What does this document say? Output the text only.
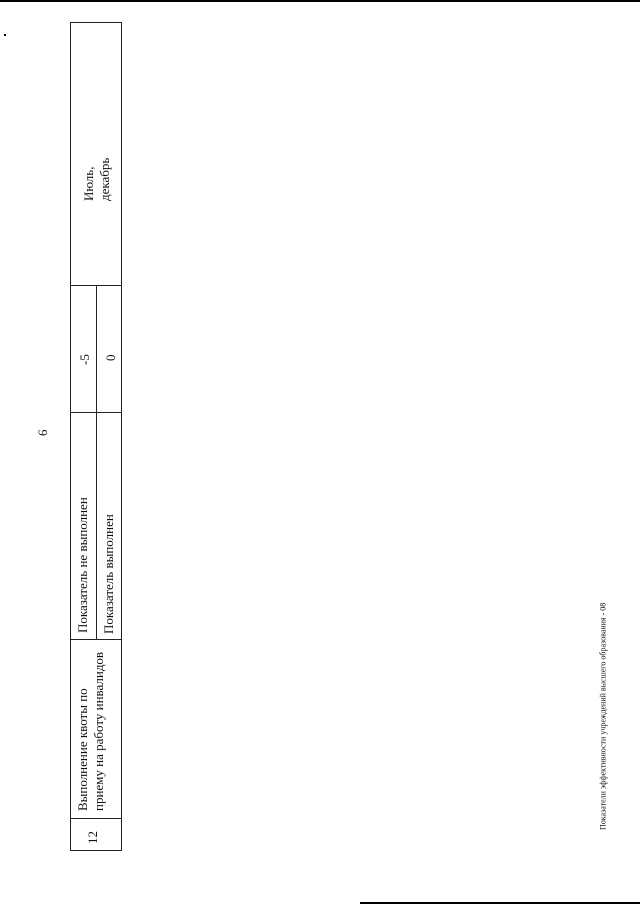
6
12
Выполнение квоты по приему на работу инвалидов
Показатель не выполнен Показатель выполнен
-5 0
Июль,
декабрь
Показатели эффективности учреждений высшего образования - 08
